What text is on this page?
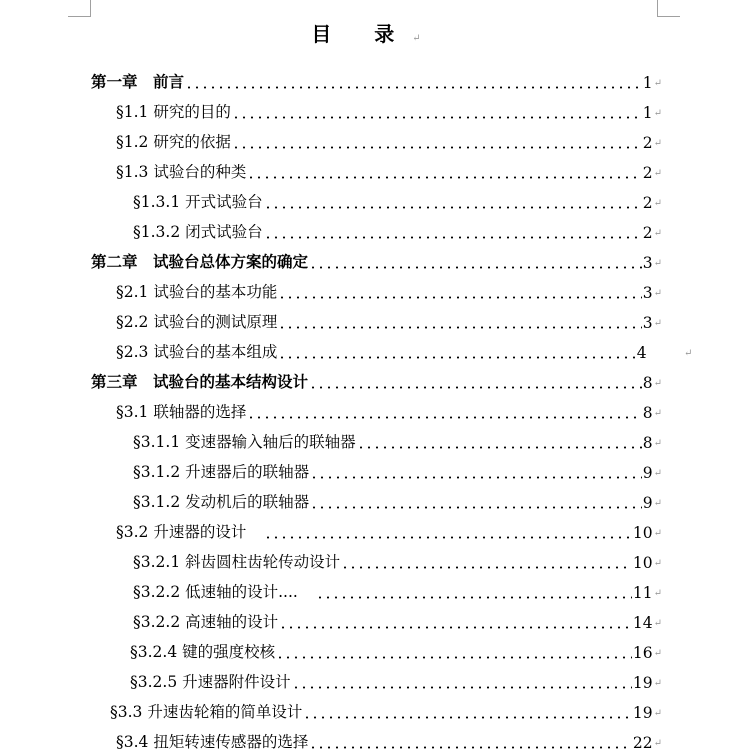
目 录↵
第一章　前言	1 ↵
§1.1 研究的目的	1 ↵
§1.2 研究的依据	2 ↵
§1.3 试验台的种类	2 ↵
§1.3.1 开式试验台	2 ↵
§1.3.2 闭式试验台	2 ↵
第二章　试验台总体方案的确定	3 ↵
§2.1 试验台的基本功能	3 ↵
§2.2 试验台的测试原理	3 ↵
§2.3 试验台的基本组成	4	↵
第三章　试验台的基本结构设计	8 ↵
§3.1 联轴器的选择	8 ↵
§3.1.1 变速器输入轴后的联轴器	8 ↵
§3.1.2 升速器后的联轴器	9 ↵
§3.1.2 发动机后的联轴器	9 ↵
§3.2 升速器的设计	10 ↵
§3.2.1 斜齿圆柱齿轮传动设计	10 ↵
§3.2.2 低速轴的设计....	11 ↵
§3.2.2 高速轴的设计	14 ↵
§3.2.4 键的强度校核	16 ↵
§3.2.5 升速器附件设计	19 ↵
§3.3 升速齿轮箱的简单设计	19 ↵
§3.4 扭矩转速传感器的选择	22 ↵
